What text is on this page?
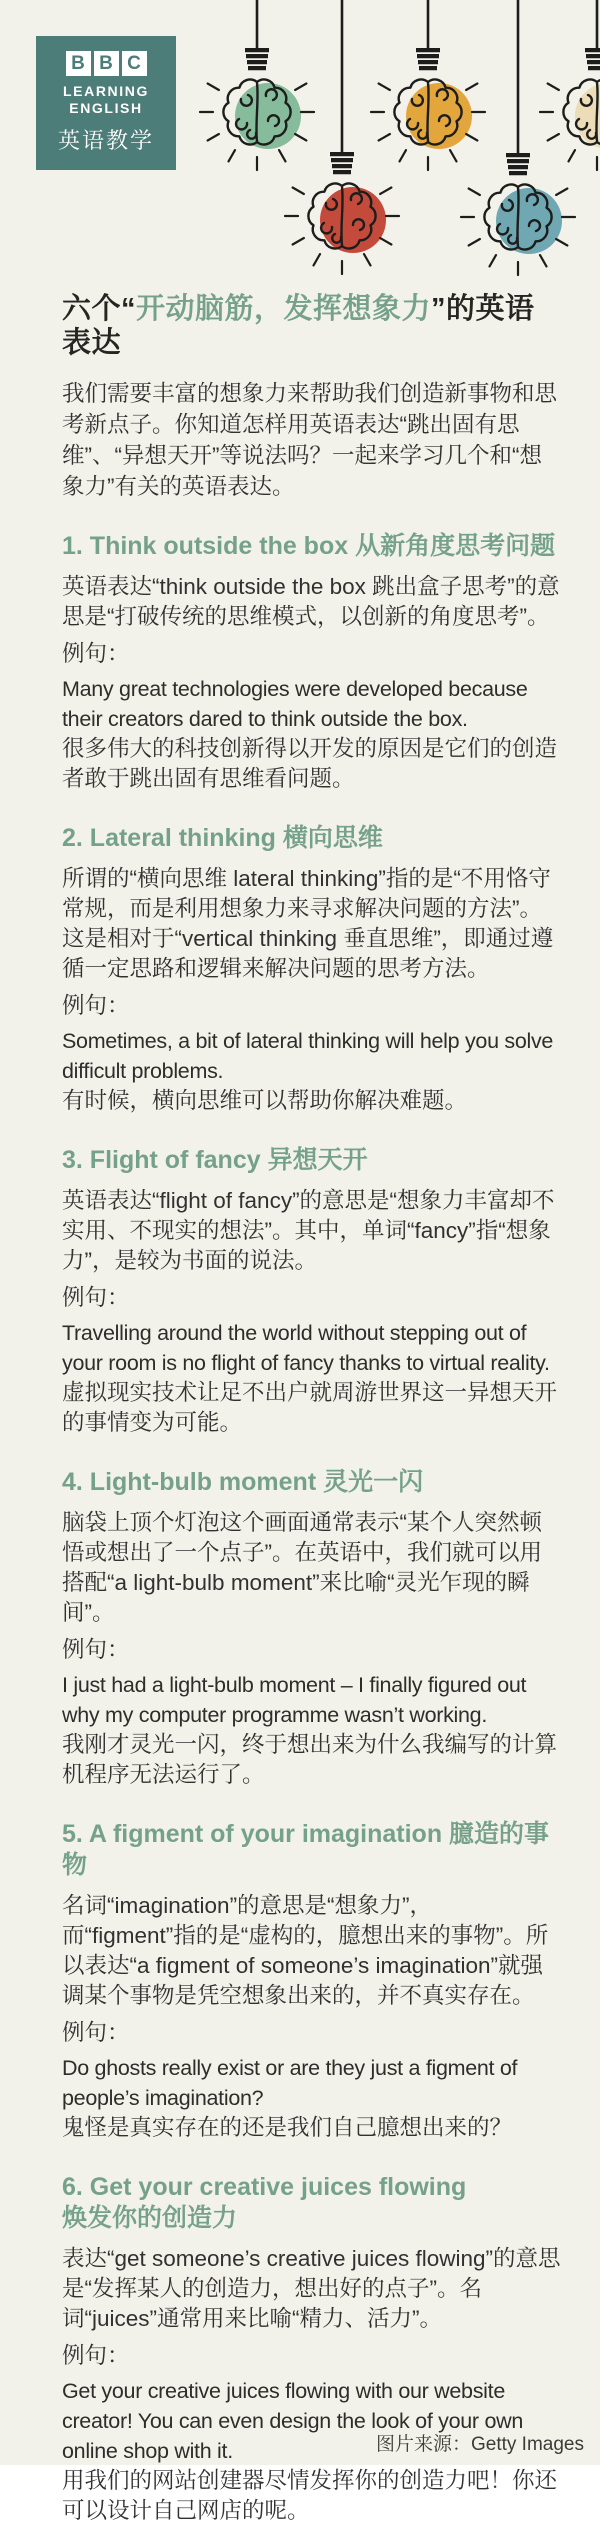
B B C
LEARNING
ENGLISH
英语教学
六个“开动脑筋，发挥想象力”的英语表达

我们需要丰富的想象力来帮助我们创造新事物和思考新点子。你知道怎样用英语表达“跳出固有思维”、“异想天开”等说法吗？一起来学习几个和“想象力”有关的英语表达。

1. Think outside the box 从新角度思考问题

英语表达“think outside the box 跳出盒子思考”的意思是“打破传统的思维模式，以创新的角度思考”。

例句：

Many great technologies were developed because their creators dared to think outside the box.

很多伟大的科技创新得以开发的原因是它们的创造者敢于跳出固有思维看问题。

2. Lateral thinking 横向思维

所谓的“横向思维 lateral thinking”指的是“不用恪守常规，而是利用想象力来寻求解决问题的方法”。这是相对于“vertical thinking 垂直思维”，即通过遵循一定思路和逻辑来解决问题的思考方法。

例句：

Sometimes, a bit of lateral thinking will help you solve difficult problems.

有时候，横向思维可以帮助你解决难题。

3. Flight of fancy 异想天开

英语表达“flight of fancy”的意思是“想象力丰富却不实用、不现实的想法”。其中，单词“fancy”指“想象力”，是较为书面的说法。

例句：

Travelling around the world without stepping out of your room is no flight of fancy thanks to virtual reality.

虚拟现实技术让足不出户就周游世界这一异想天开的事情变为可能。

4. Light-bulb moment 灵光一闪

脑袋上顶个灯泡这个画面通常表示“某个人突然顿悟或想出了一个点子”。在英语中，我们就可以用搭配“a light-bulb moment”来比喻“灵光乍现的瞬间”。

例句：

I just had a light-bulb moment – I finally figured out why my computer programme wasn’t working.

我刚才灵光一闪，终于想出来为什么我编写的计算机程序无法运行了。

5. A figment of your imagination 臆造的事物

名词“imagination”的意思是“想象力”，而“figment”指的是“虚构的，臆想出来的事物”。所以表达“a figment of someone’s imagination”就强调某个事物是凭空想象出来的，并不真实存在。

例句：

Do ghosts really exist or are they just a figment of people’s imagination?

鬼怪是真实存在的还是我们自己臆想出来的？

6. Get your creative juices flowing
焕发你的创造力

表达“get someone’s creative juices flowing”的意思是“发挥某人的创造力，想出好的点子”。名词“juices”通常用来比喻“精力、活力”。

例句：

Get your creative juices flowing with our website creator! You can even design the look of your own online shop with it.

用我们的网站创建器尽情发挥你的创造力吧！你还可以设计自己网店的呢。

图片来源：Getty Images
